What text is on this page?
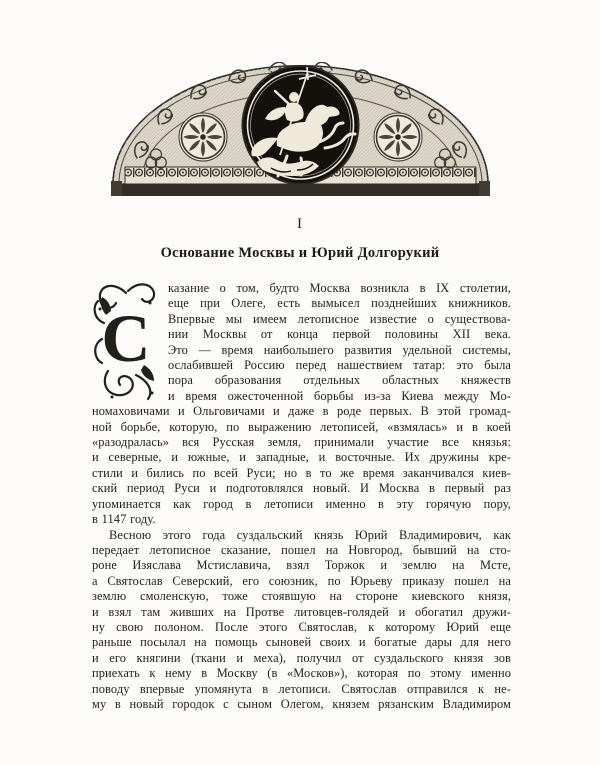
I
Основание Москвы и Юрий Долгорукий
С
казание о том, будто Москва возникла в IX столетии,
еще при Олеге, есть вымысел позднейших книжников.
Впервые мы имеем летописное известие о существова-
нии Москвы от конца первой половины XII века.
Это — время наибольшего развития удельной системы,
ослабившей Россию перед нашествием татар: это была
пора образования отдельных областных княжеств
и время ожесточенной борьбы из-за Киева между Мо-
номаховичами и Ольговичами и даже в роде первых. В этой громад-
ной борьбе, которую, по выражению летописей, «взмялась» и в коей
«разодралась» вся Русская земля, принимали участие все князья:
и северные, и южные, и западные, и восточные. Их дружины кре-
стили и бились по всей Руси; но в то же время заканчивался киев-
ский период Руси и подготовлялся новый. И Москва в первый раз
упоминается как город в летописи именно в эту горячую пору,
в 1147 году.
Весною этого года суздальский князь Юрий Владимирович, как
передает летописное сказание, пошел на Новгород, бывший на сто-
роне Изяслава Мстиславича, взял Торжок и землю на Мсте,
а Святослав Северский, его союзник, по Юрьеву приказу пошел на
землю смоленскую, тоже стоявшую на стороне киевского князя,
и взял там живших на Протве литовцев-голядей и обогатил дружи-
ну свою полоном. После этого Святослав, к которому Юрий еще
раньше посылал на помощь сыновей своих и богатые дары для него
и его княгини (ткани и меха), получил от суздальского князя зов
приехать к нему в Москву (в «Москов»), которая по этому именно
поводу впервые упомянута в летописи. Святослав отправился к не-
му в новый городок с сыном Олегом, князем рязанским Владимиром
